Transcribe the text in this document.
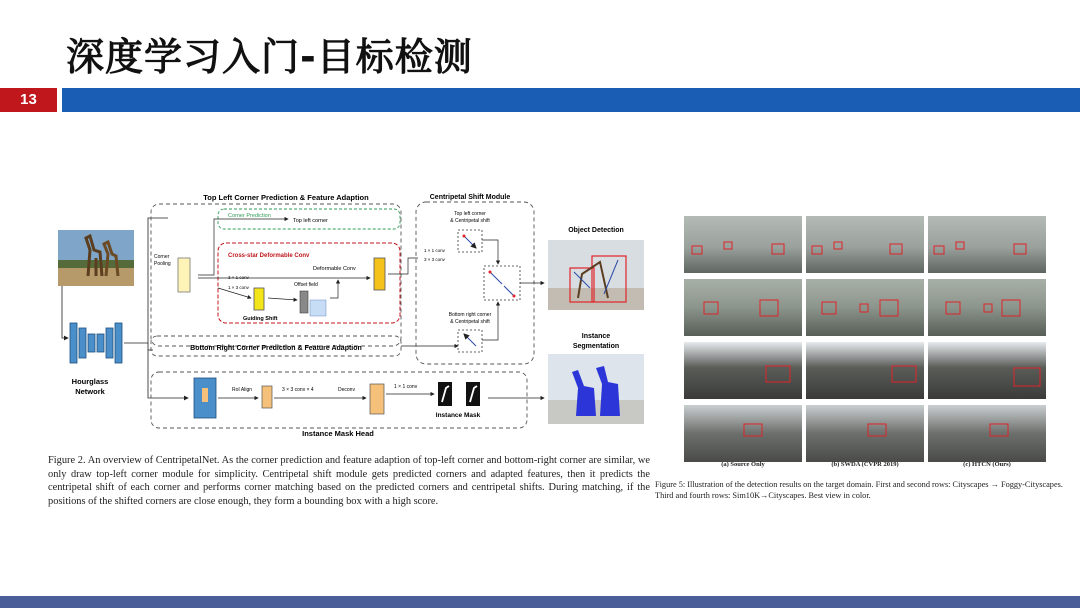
深度学习入门-目标检测
13
Hourglass
Network
Top Left Corner Prediction & Feature Adaption
Corner
Pooling
Corner Prediction
Top left corner
Cross-star Deformable Conv
3 × 1 conv
1 × 3 conv
Guiding Shift
Offset field
Deformable Conv
Bottom Right Corner Prediction & Feature Adaption
Centripetal Shift Module
Top left corner
& Centripetal shift
1 × 1 conv
3 × 3 conv
Bottom right corner
& Centripetal shift
Object Detection
Instance
Segmentation
Instance Mask Head
RoI Align	3 × 3 conv × 4	Deconv	1 × 1 conv
Instance Mask
Figure 2. An overview of CentripetalNet. As the corner prediction and feature adaption of top-left corner and bottom-right corner are similar, we only draw top-left corner module for simplicity. Centripetal shift module gets predicted corners and adapted features, then it predicts the centripetal shift of each corner and performs corner matching based on the predicted corners and centripetal shifts. During matching, if the positions of the shifted corners are close enough, they form a bounding box with a high score.
(a) Source Only	(b) SWDA (CVPR 2019)	(c) HTCN (Ours)
Figure 5: Illustration of the detection results on the target domain. First and second rows: Cityscapes → Foggy-Cityscapes. Third and fourth rows: Sim10K→Cityscapes. Best view in color.
